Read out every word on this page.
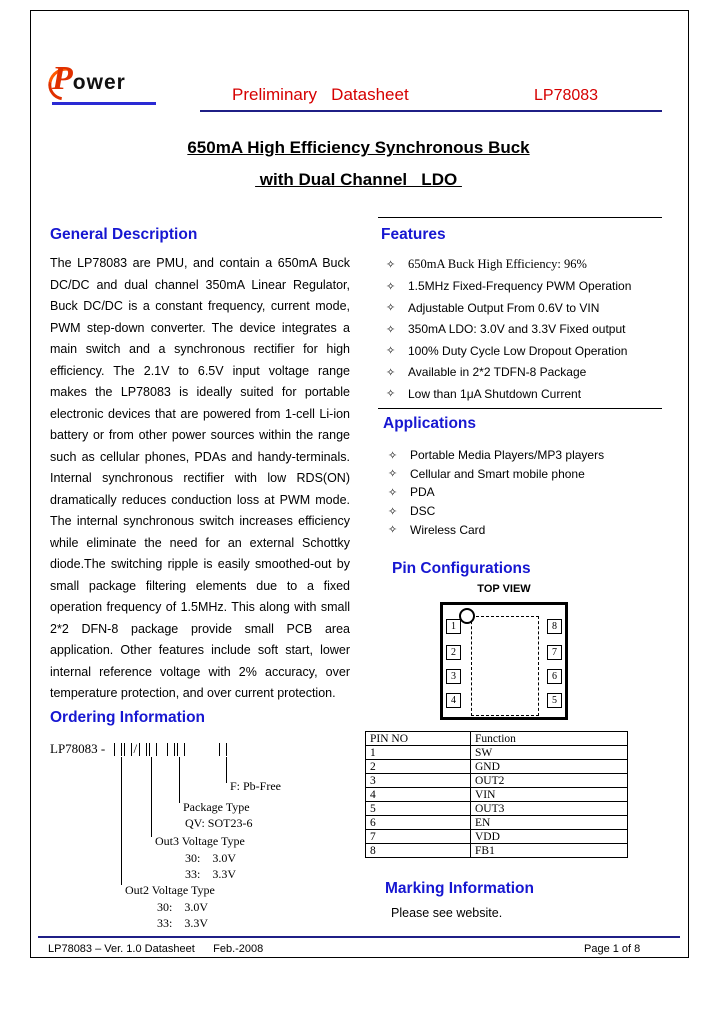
Power
Preliminary   Datasheet	LP78083
650mA High Efficiency Synchronous Buck
with Dual Channel   LDO
General Description
The LP78083 are PMU, and contain a 650mA Buck DC/DC and dual channel 350mA Linear Regulator, Buck DC/DC is a constant frequency, current mode, PWM step-down converter. The device integrates a main switch and a synchronous rectifier for high efficiency. The 2.1V to 6.5V input voltage range makes the LP78083 is ideally suited for portable electronic devices that are powered from 1-cell Li-ion battery or from other power sources within the range such as cellular phones, PDAs and handy-terminals. Internal synchronous rectifier with low RDS(ON) dramatically reduces conduction loss at PWM mode. The internal synchronous switch increases efficiency while eliminate the need for an external Schottky diode.The switching ripple is easily smoothed-out by small package filtering elements due to a fixed operation frequency of 1.5MHz. This along with small 2*2 DFN-8 package provide small PCB area application. Other features include soft start, lower internal reference voltage with 2% accuracy, over temperature protection, and over current protection.
Ordering Information
LP78083 - /
F: Pb-Free
Package Type
QV: SOT23-6
Out3 Voltage Type
30:    3.0V
33:    3.3V
Out2 Voltage Type
30:    3.0V
33:    3.3V
Features
✧	650mA Buck High Efficiency: 96%
✧	1.5MHz Fixed-Frequency PWM Operation
✧	Adjustable Output From 0.6V to VIN
✧	350mA LDO: 3.0V and 3.3V Fixed output
✧	100% Duty Cycle Low Dropout Operation
✧	Available in 2*2 TDFN-8 Package
✧	Low than 1μA Shutdown Current
Applications
✧	Portable Media Players/MP3 players
✧	Cellular and Smart mobile phone
✧	PDA
✧	DSC
✧	Wireless Card
Pin Configurations
TOP VIEW
1
2
3
4
8
7
6
5
PIN NO	Function
1	SW
2	GND
3	OUT2
4	VIN
5	OUT3
6	EN
7	VDD
8	FB1
Marking Information
Please see website.
LP78083 – Ver. 1.0 Datasheet      Feb.-2008	Page 1 of 8
